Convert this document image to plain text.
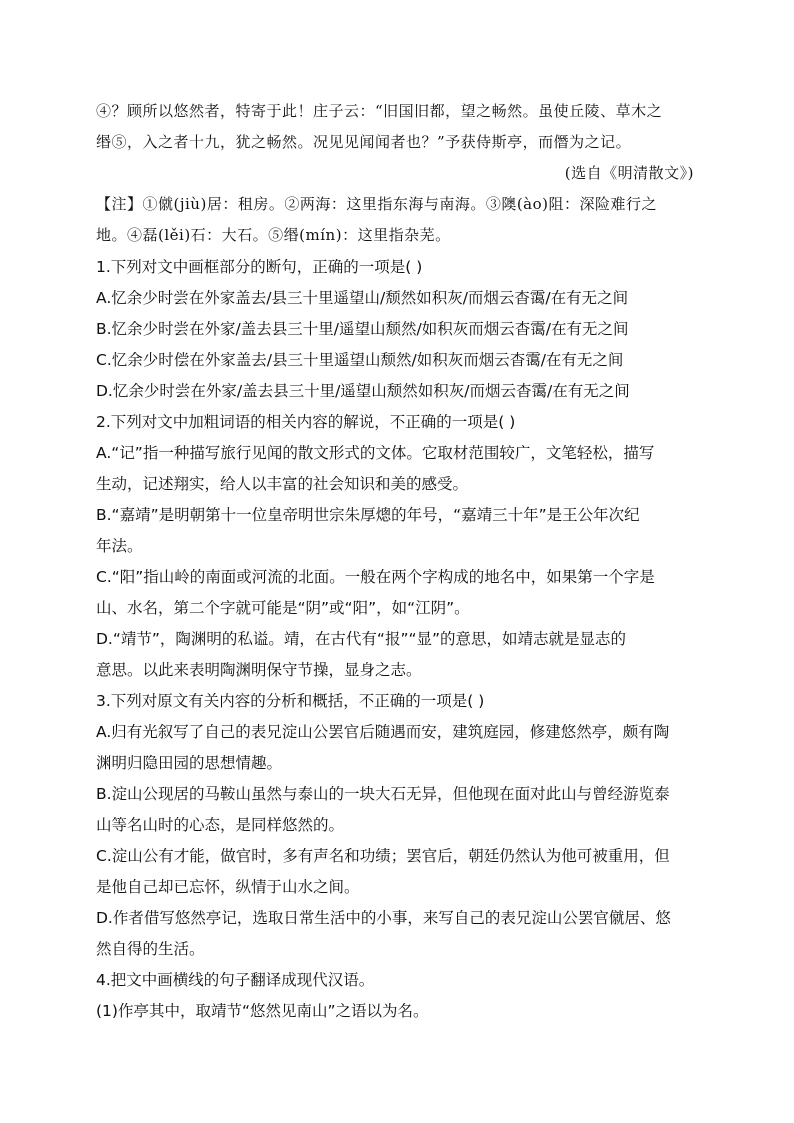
④？顾所以悠然者，特寄于此！庄子云：“旧国旧都，望之畅然。虽使丘陵、草木之
缗⑤，入之者十九，犹之畅然。况见见闻闻者也？”予获侍斯亭，而僭为之记。
(选自《明清散文》)
【注】①僦(jiù)居：租房。②两海：这里指东海与南海。③隩(ào)阻：深险难行之
地。④磊(lěi)石：大石。⑤缗(mín)：这里指杂芜。
1.下列对文中画框部分的断句，正确的一项是( )
A.忆余少时尝在外家盖去/县三十里遥望山/颓然如积灰/而烟云杳霭/在有无之间
B.忆余少时尝在外家/盖去县三十里/遥望山颓然/如积灰而烟云杳霭/在有无之间
C.忆余少时偿在外家盖去/县三十里遥望山颓然/如积灰而烟云杳霭/在有无之间
D.忆余少时尝在外家/盖去县三十里/遥望山颓然如积灰/而烟云杳霭/在有无之间
2.下列对文中加粗词语的相关内容的解说，不正确的一项是( )
A.“记”指一种描写旅行见闻的散文形式的文体。它取材范围较广，文笔轻松，描写
生动，记述翔实，给人以丰富的社会知识和美的感受。
B.“嘉靖”是明朝第十一位皇帝明世宗朱厚熜的年号，“嘉靖三十年”是王公年次纪
年法。
C.“阳”指山岭的南面或河流的北面。一般在两个字构成的地名中，如果第一个字是
山、水名，第二个字就可能是“阴”或“阳”，如“江阴”。
D.“靖节”，陶渊明的私谥。靖，在古代有“报”“显”的意思，如靖志就是显志的
意思。以此来表明陶渊明保守节操，显身之志。
3.下列对原文有关内容的分析和概括，不正确的一项是( )
A.归有光叙写了自己的表兄淀山公罢官后随遇而安，建筑庭园，修建悠然亭，颇有陶
渊明归隐田园的思想情趣。
B.淀山公现居的马鞍山虽然与泰山的一块大石无异，但他现在面对此山与曾经游览泰
山等名山时的心态，是同样悠然的。
C.淀山公有才能，做官时，多有声名和功绩；罢官后，朝廷仍然认为他可被重用，但
是他自己却已忘怀，纵情于山水之间。
D.作者借写悠然亭记，选取日常生活中的小事，来写自己的表兄淀山公罢官僦居、悠
然自得的生活。
4.把文中画横线的句子翻译成现代汉语。
(1)作亭其中，取靖节“悠然见南山”之语以为名。
